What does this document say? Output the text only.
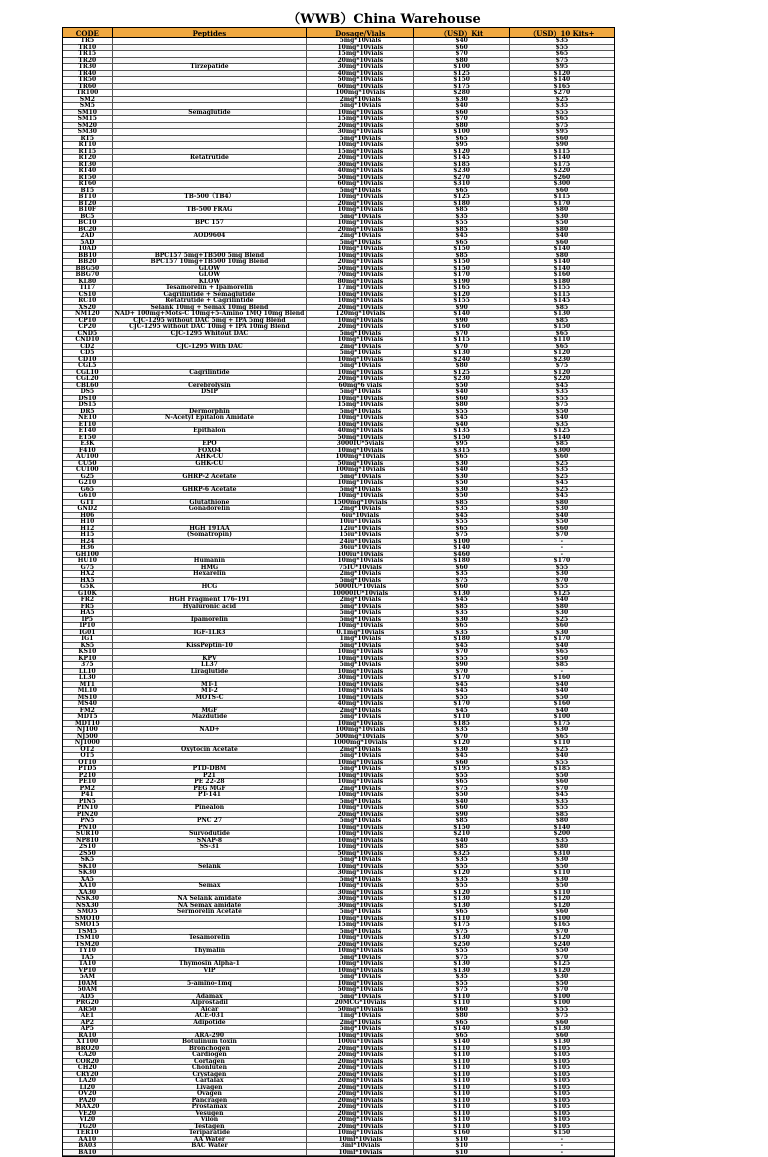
（WWB）China Warehouse
CODE	Peptides	Dosage/Vials	（USD）Kit	（USD）10 Kits+
TR5	5mg*10vials	$40	$35
TR10	10mg*10vials	$60	$55
TR15	15mg*10vials	$70	$65
TR20	20mg*10vials	$80	$75
TR30	Tirzepatide	30mg*10vials	$100	$95
TR40	40mg*10vials	$125	$120
TR50	50mg*10vials	$150	$140
TR60	60mg*10vials	$175	$165
TR100	100mg*10vials	$280	$270
SM2	2mg*10vials	$30	$25
SM5	5mg*10vials	$40	$35
SM10	Semaglutide	10mg*10vials	$60	$55
SM15	15mg*10vials	$70	$65
SM20	20mg*10vials	$80	$75
SM30	30mg*10vials	$100	$95
RT5	5mg*10vials	$65	$60
RT10	10mg*10vials	$95	$90
RT15	15mg*10vials	$120	$115
RT20	Retatrutide	20mg*10vials	$145	$140
RT30	30mg*10vials	$185	$175
RT40	40mg*10vials	$230	$220
RT50	50mg*10vials	$270	$260
RT60	60mg*10vials	$310	$300
BT5	5mg*10vials	$65	$60
BT10	TB-500（TB4）	10mg*10vials	$125	$115
BT20	20mg*10vials	$180	$170
B10F	TB-500 FRAG	10mg*10vials	$85	$80
BC5	5mg*10vials	$35	$30
BC10	BPC 157	10mg*10vials	$55	$50
BC20	20mg*10vials	$85	$80
2AD	AOD9604	2mg*10vials	$45	$40
5AD	5mg*10vials	$65	$60
10AD	10mg*10vials	$150	$140
BB10	BPC157 5mg+TB500 5mg Blend	10mg*10vials	$85	$80
BB20	BPC157 10mg+TB500 10mg Blend	20mg*10vials	$150	$140
BBG50	GLOW	50mg*10vials	$150	$140
BBG70	GLOW	70mg*10vials	$170	$160
KL80	KLOW	80mg*10vials	$190	$180
TI17	Tesamorelin + Ipamorelin	17mg*10vials	$165	$155
CS10	Cagrilintide + Semaglutide	10mg*10vials	$120	$115
RC10	Retatrutide + Cagrilintide	10mg*10vials	$155	$145
XS20	Selank 10mg + Semax 10mg Blend	20mg*10vials	$90	$85
NM120	NAD+ 100mg+Mots-C 10mg+5-Amino 1MQ 10mg Blend	120mg*10vials	$140	$130
CP10	CJC-1295 without DAC 5mg + IPA 5mg Blend	10mg*10vials	$90	$85
CP20	CJC-1295 without DAC 10mg + IPA 10mg Blend	20mg*10vials	$160	$150
CND5	CJC-1295 Whitout DAC	5mg*10vials	$70	$65
CND10	10mg*10vials	$115	$110
CD2	CJC-1295 With DAC	2mg*10vials	$70	$65
CD5	5mg*10vials	$130	$120
CD10	10mg*10vials	$240	$230
CGL5	5mg*10vials	$80	$75
CGL10	Cagrilintide	10mg*10vials	$125	$120
CGL20	20mg*10vials	$230	$220
CBL60	Cerebrolysin	60mg*6 vials	$50	$45
DS5	DSIP	5mg*10vials	$40	$35
DS10	10mg*10vials	$60	$55
DS15	15mg*10vials	$80	$75
DR5	Dermorphin	5mg*10vials	$55	$50
NE10	N-Acetyl Epitalon Amidate	10mg*10vials	$45	$40
ET10	10mg*10vials	$40	$35
ET40	Epithalon	40mg*10vials	$135	$125
ET50	50mg*10vials	$150	$140
E3K	EPO	3000IU*5vials	$95	$85
F410	FOXO4	10mg*10vials	$315	$300
AU100	AHK-CU	100mg*10vials	$65	$60
CU50	GHK-CU	50mg*10vials	$30	$25
CU100	100mg*10vials	$40	$35
G25	GHRP-2 Acetate	5mg*10vials	$30	$25
G210	10mg*10vials	$50	$45
G65	GHRP-6 Acetate	5mg*10vials	$30	$25
G610	10mg*10vials	$50	$45
GTT	Glutathione	1500mg*10vials	$85	$80
GND2	Gonadorelin	2mg*10vials	$35	$30
H06	6iu*10vials	$45	$40
H10	10iu*10vials	$55	$50
H12	HGH 191AA	12iu*10vials	$65	$60
H15	(Somatropin)	15iu*10vials	$75	$70
H24	24iu*10vials	$100	-
H36	36iu*10vials	$140	-
GH100	100iu*10vials	$460	-
HU10	Humanin	10mg*10vials	$180	$170
G75	HMG	75IU*10vials	$60	$55
HX2	Hexarelin	2mg*10vials	$35	$30
HX5	5mg*10vials	$75	$70
G5K	HCG	5000IU*10vials	$60	$55
G10K	10000IU*10vials	$130	$125
FR2	HGH Fragment 176-191	2mg*10vials	$45	$40
FR5	Hyaluronic acid	5mg*10vials	$85	$80
HA5	5mg*10vials	$35	$30
IP5	Ipamorelin	5mg*10vials	$30	$25
IP10	10mg*10vials	$65	$60
IG01	IGF-1LR3	0.1mg*10vials	$35	$30
IG1	1mg*10vials	$180	$170
KS5	KissPeptin-10	5mg*10vials	$45	$40
KS10	10mg*10vials	$70	$65
KP10	KPV	10mg*10vials	$55	$50
375	LL37	5mg*10vials	$90	$85
LL10	Liraglutide	10mg*10vials	$70	-
LL30	30mg*10vials	$170	$160
MT1	MT-1	10mg*10vials	$45	$40
ML10	MT-2	10mg*10vials	$45	$40
MS10	MOTS-C	10mg*10vials	$55	$50
MS40	40mg*10vials	$170	$160
FM2	MGF	2mg*10vials	$45	$40
MDT5	Mazdutide	5mg*10vials	$110	$100
MDT10	10mg*10vials	$185	$175
NJ100	NAD+	100mg*10vials	$35	$30
NJ500	500mg*10vials	$70	$65
NJ1000	1000mg*10vials	$120	$110
OT2	Oxytocin Acetate	2mg*10vials	$30	$25
OT5	5mg*10vials	$45	$40
OT10	10mg*10vials	$60	$55
PTD5	PTD-DBM	5mg*10vials	$195	$185
P210	P21	10mg*10vials	$55	$50
PE10	PE 22-28	10mg*10vials	$65	$60
PM2	PEG MGF	2mg*10vials	$75	$70
P41	PT-141	10mg*10vials	$50	$45
PIN5	5mg*10vials	$40	$35
PIN10	Pinealon	10mg*10vials	$60	$55
PIN20	20mg*10vials	$90	$85
PN5	PNC 27	5mg*10vials	$85	$80
PN10	10mg*10vials	$150	$140
SUR10	Survodutide	10mg*10vials	$210	$200
NP810	SNAP-8	10mg*10vials	$40	$35
2S10	SS-31	10mg*10vials	$85	$80
2S50	50mg*10vials	$325	$310
SK5	5mg*10vials	$35	$30
SK10	Selank	10mg*10vials	$55	$50
SK30	30mg*10vials	$120	$110
XA5	5mg*10vials	$35	$30
XA10	Semax	10mg*10vials	$55	$50
XA30	30mg*10vials	$120	$110
NSK30	NA Selank amidate	30mg*10vials	$130	$120
NSX30	NA Semax amidate	30mg*10vials	$130	$120
SMO5	Sermorelin Acetate	5mg*10vials	$65	$60
SMO10	10mg*10vials	$110	$100
SMO15	15mg*10vials	$175	$165
TSM5	5mg*10vials	$75	$70
TSM10	Tesamorelin	10mg*10vials	$130	$120
TSM20	20mg*10vials	$250	$240
TY10	Thymalin	10mg*10vials	$55	$50
TA5	5mg*10vials	$75	$70
TA10	Thymosin Alpha-1	10mg*10vials	$130	$125
VP10	VIP	10mg*10vials	$130	$120
5AM	5mg*10vials	$35	$30
10AM	5-amino-1mq	10mg*10vials	$55	$50
50AM	50mg*10vials	$75	$70
AD5	Adamax	5mg*10vials	$110	$100
PRG20	Alprostadil	20MCG*10vials	$110	$100
AR50	Aicar	50mg*10vials	$60	$55
AE1	ACE-031	1mg*10vials	$80	$75
AP2	Adipotide	2mg*10vials	$65	$60
AP5	5mg*10vials	$140	$130
RA10	ARA-290	10mg*10vials	$65	$60
XT100	Botulinum toxin	100iu*10vials	$140	$130
BRO20	Bronchogen	20mg*10vials	$110	$105
CA20	Cardiogen	20mg*10vials	$110	$105
COR20	Cortagen	20mg*10vials	$110	$105
CH20	Chonluten	20mg*10vials	$110	$105
CRY20	Crystagen	20mg*10vials	$110	$105
LA20	Cartalax	20mg*10vials	$110	$105
LI20	Livagen	20mg*10vials	$110	$105
OV20	Ovagen	20mg*10vials	$110	$105
PA20	Pancragen	20mg*10vials	$110	$105
MAX20	Prostamax	20mg*10vials	$110	$105
VE20	Vesugen	20mg*10vials	$110	$105
VI20	Vilon	20mg*10vials	$110	$105
TG20	Testagen	20mg*10vials	$110	$105
TER10	Teriparatide	10mg*10vials	$160	$150
AA10	AA Water	10ml*10vials	$10	-
BA03	BAC Water	3ml*10vials	$10	-
BA10	10ml*10vials	$10	-
